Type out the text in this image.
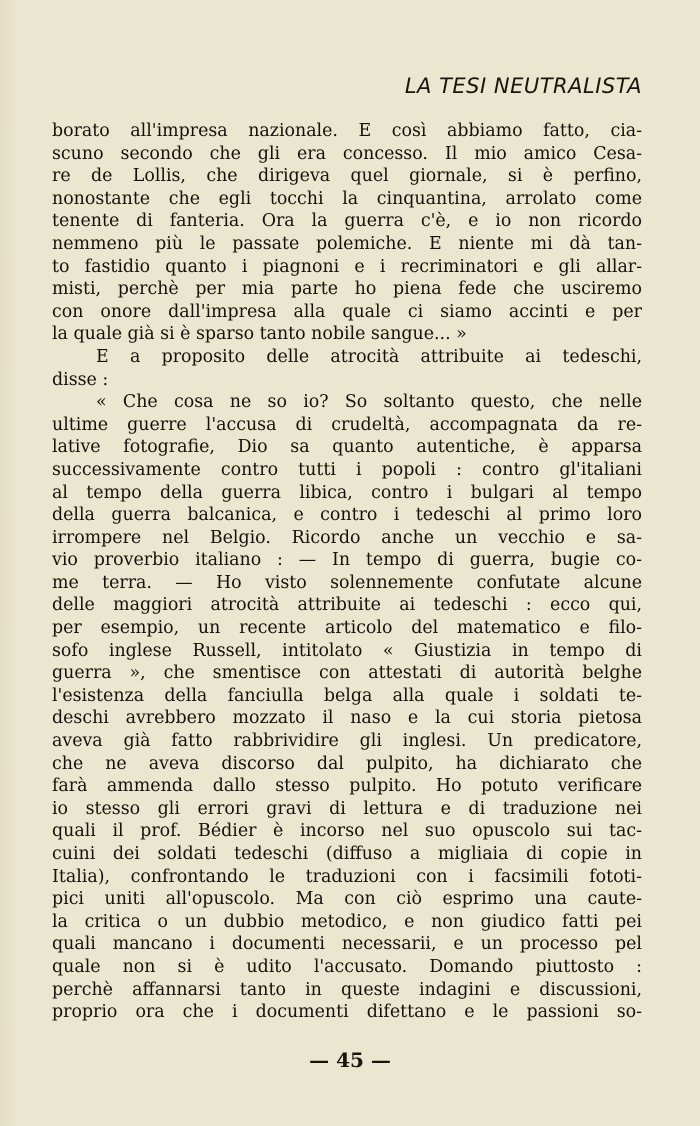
LA TESI NEUTRALISTA
borato all'impresa nazionale. E così abbiamo fatto, cia-
scuno secondo che gli era concesso. Il mio amico Cesa-
re de Lollis, che dirigeva quel giornale, si è perfino,
nonostante che egli tocchi la cinquantina, arrolato come
tenente di fanteria. Ora la guerra c'è, e io non ricordo
nemmeno più le passate polemiche. E niente mi dà tan-
to fastidio quanto i piagnoni e i recriminatori e gli allar-
misti, perchè per mia parte ho piena fede che usciremo
con onore dall'impresa alla quale ci siamo accinti e per
la quale già si è sparso tanto nobile sangue... »
E a proposito delle atrocità attribuite ai tedeschi,
disse :
« Che cosa ne so io? So soltanto questo, che nelle
ultime guerre l'accusa di crudeltà, accompagnata da re-
lative fotografie, Dio sa quanto autentiche, è apparsa
successivamente contro tutti i popoli : contro gl'italiani
al tempo della guerra libica, contro i bulgari al tempo
della guerra balcanica, e contro i tedeschi al primo loro
irrompere nel Belgio. Ricordo anche un vecchio e sa-
vio proverbio italiano : — In tempo di guerra, bugie co-
me terra. — Ho visto solennemente confutate alcune
delle maggiori atrocità attribuite ai tedeschi : ecco qui,
per esempio, un recente articolo del matematico e filo-
sofo inglese Russell, intitolato « Giustizia in tempo di
guerra », che smentisce con attestati di autorità belghe
l'esistenza della fanciulla belga alla quale i soldati te-
deschi avrebbero mozzato il naso e la cui storia pietosa
aveva già fatto rabbrividire gli inglesi. Un predicatore,
che ne aveva discorso dal pulpito, ha dichiarato che
farà ammenda dallo stesso pulpito. Ho potuto verificare
io stesso gli errori gravi di lettura e di traduzione nei
quali il prof. Bédier è incorso nel suo opuscolo sui tac-
cuini dei soldati tedeschi (diffuso a migliaia di copie in
Italia), confrontando le traduzioni con i facsimili fototi-
pici uniti all'opuscolo. Ma con ciò esprimo una caute-
la critica o un dubbio metodico, e non giudico fatti pei
quali mancano i documenti necessarii, e un processo pel
quale non si è udito l'accusato. Domando piuttosto :
perchè affannarsi tanto in queste indagini e discussioni,
proprio ora che i documenti difettano e le passioni so-
— 45 —
